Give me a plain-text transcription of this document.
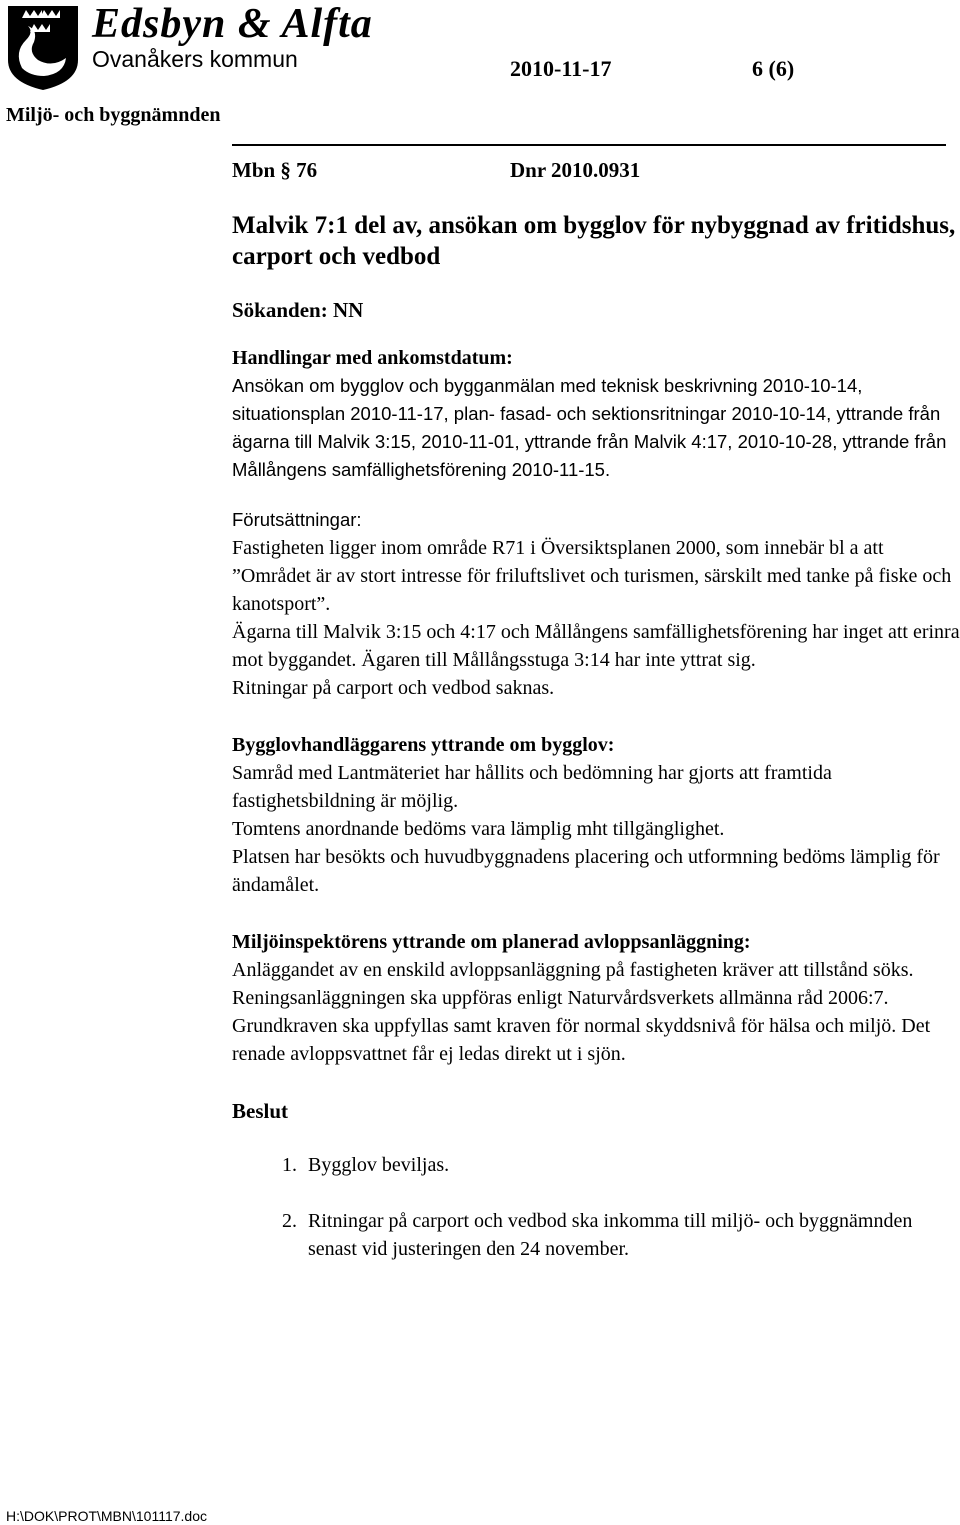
Edsbyn & Alfta
Ovanåkers kommun	2010-11-17	6 (6)
Miljö- och byggnämnden
Mbn § 76	Dnr 2010.0931
Malvik 7:1 del av, ansökan om bygglov för nybyggnad av fritidshus, carport och vedbod

Sökanden: NN

Handlingar med ankomstdatum:

Ansökan om bygglov och bygganmälan med teknisk beskrivning 2010-10-14, situationsplan 2010-11-17, plan- fasad- och sektionsritningar 2010-10-14, yttrande från ägarna till Malvik 3:15, 2010-11-01, yttrande från Malvik 4:17, 2010-10-28, yttrande från Mållångens samfällighetsförening 2010-11-15.

Förutsättningar:

Fastigheten ligger inom område R71 i Översiktsplanen 2000, som innebär bl a att ”Området är av stort intresse för friluftslivet och turismen, särskilt med tanke på fiske och kanotsport”.

Ägarna till Malvik 3:15 och 4:17 och Mållångens samfällighetsförening har inget att erinra mot byggandet. Ägaren till Mållångsstuga 3:14 har inte yttrat sig.

Ritningar på carport och vedbod saknas.

Bygglovhandläggarens yttrande om bygglov:

Samråd med Lantmäteriet har hållits och bedömning har gjorts att framtida fastighetsbildning är möjlig.

Tomtens anordnande bedöms vara lämplig mht tillgänglighet.

Platsen har besökts och huvudbyggnadens placering och utformning bedöms lämplig för ändamålet.

Miljöinspektörens yttrande om planerad avloppsanläggning:

Anläggandet av en enskild avloppsanläggning på fastigheten kräver att tillstånd söks. Reningsanläggningen ska uppföras enligt Naturvårdsverkets allmänna råd 2006:7. Grundkraven ska uppfyllas samt kraven för normal skyddsnivå för hälsa och miljö. Det renade avloppsvattnet får ej ledas direkt ut i sjön.

Beslut

1. Bygglov beviljas.
2. Ritningar på carport och vedbod ska inkomma till miljö- och byggnämnden senast vid justeringen den 24 november.
H:\DOK\PROT\MBN\101117.doc
